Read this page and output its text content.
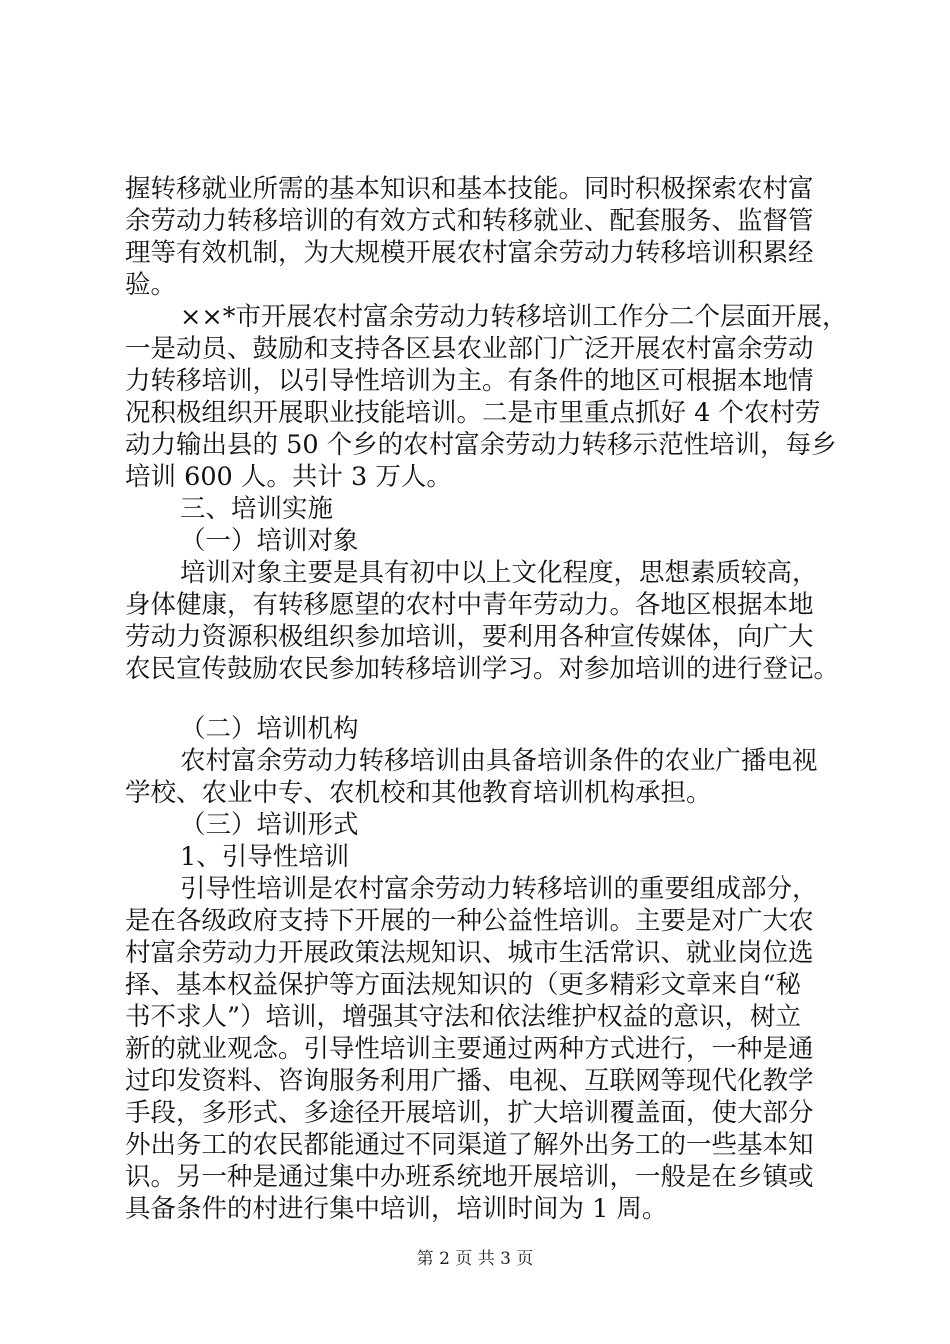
握转移就业所需的基本知识和基本技能。同时积极探索农村富
余劳动力转移培训的有效方式和转移就业、配套服务、监督管
理等有效机制，为大规模开展农村富余劳动力转移培训积累经
验。
××*市开展农村富余劳动力转移培训工作分二个层面开展，
一是动员、鼓励和支持各区县农业部门广泛开展农村富余劳动
力转移培训，以引导性培训为主。有条件的地区可根据本地情
况积极组织开展职业技能培训。二是市里重点抓好 4 个农村劳
动力输出县的 50 个乡的农村富余劳动力转移示范性培训，每乡
培训 600 人。共计 3 万人。
三、培训实施
（一）培训对象
培训对象主要是具有初中以上文化程度，思想素质较高，
身体健康，有转移愿望的农村中青年劳动力。各地区根据本地
劳动力资源积极组织参加培训，要利用各种宣传媒体，向广大
农民宣传鼓励农民参加转移培训学习。对参加培训的进行登记。
（二）培训机构
农村富余劳动力转移培训由具备培训条件的农业广播电视
学校、农业中专、农机校和其他教育培训机构承担。
（三）培训形式
1、引导性培训
引导性培训是农村富余劳动力转移培训的重要组成部分，
是在各级政府支持下开展的一种公益性培训。主要是对广大农
村富余劳动力开展政策法规知识、城市生活常识、就业岗位选
择、基本权益保护等方面法规知识的（更多精彩文章来自“秘
书不求人”）培训，增强其守法和依法维护权益的意识，树立
新的就业观念。引导性培训主要通过两种方式进行，一种是通
过印发资料、咨询服务利用广播、电视、互联网等现代化教学
手段，多形式、多途径开展培训，扩大培训覆盖面，使大部分
外出务工的农民都能通过不同渠道了解外出务工的一些基本知
识。另一种是通过集中办班系统地开展培训，一般是在乡镇或
具备条件的村进行集中培训，培训时间为 1 周。
第 2 页 共 3 页
